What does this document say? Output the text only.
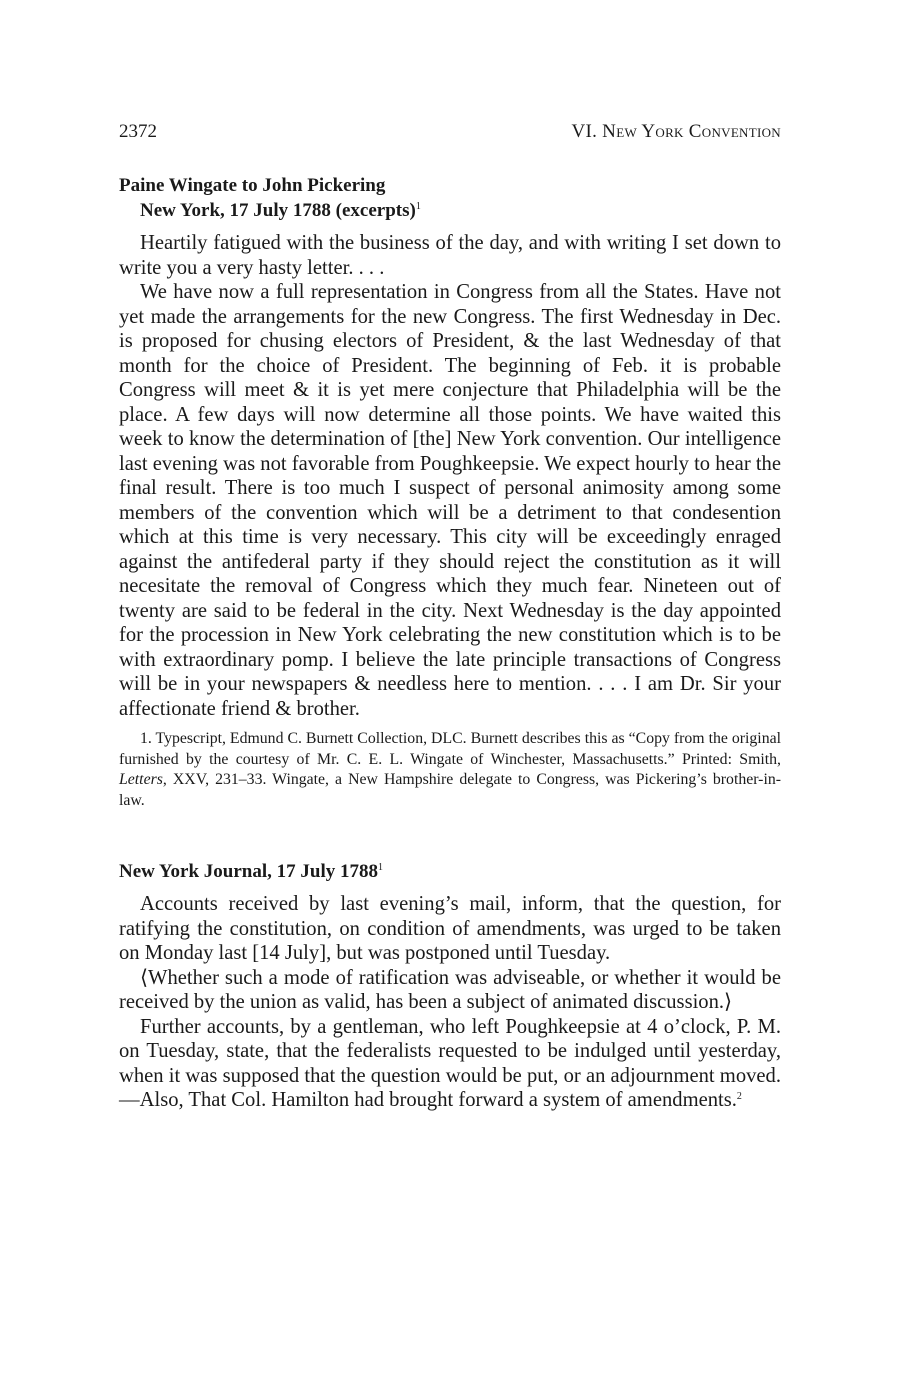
2372	VI. New York Convention
Paine Wingate to John Pickering
New York, 17 July 1788 (excerpts)$^1$

Heartily fatigued with the business of the day, and with writing I set down to write you a very hasty letter. . . .

We have now a full representation in Congress from all the States. Have not yet made the arrangements for the new Congress. The first Wednesday in Dec. is proposed for chusing electors of President, & the last Wednesday of that month for the choice of President. The beginning of Feb. it is probable Congress will meet & it is yet mere conjecture that Philadelphia will be the place. A few days will now determine all those points. We have waited this week to know the determination of [the] New York convention. Our intelligence last evening was not favorable from Poughkeepsie. We expect hourly to hear the final result. There is too much I suspect of personal animosity among some members of the convention which will be a detriment to that condesention which at this time is very necessary. This city will be exceedingly enraged against the antifederal party if they should reject the constitution as it will necesitate the removal of Congress which they much fear. Nineteen out of twenty are said to be federal in the city. Next Wednesday is the day appointed for the procession in New York celebrating the new constitution which is to be with extraordinary pomp. I believe the late principle transactions of Congress will be in your newspapers & needless here to mention. . . . I am Dr. Sir your affectionate friend & brother.

1. Typescript, Edmund C. Burnett Collection, DLC. Burnett describes this as “Copy from the original furnished by the courtesy of Mr. C. E. L. Wingate of Winchester, Massachusetts.” Printed: Smith, Letters, XXV, 231–33. Wingate, a New Hampshire delegate to Congress, was Pickering’s brother-in-law.
New York Journal, 17 July 1788$^1$

Accounts received by last evening’s mail, inform, that the question, for ratifying the constitution, on condition of amendments, was urged to be taken on Monday last [14 July], but was postponed until Tuesday.

⟨Whether such a mode of ratification was adviseable, or whether it would be received by the union as valid, has been a subject of animated discussion.⟩

Further accounts, by a gentleman, who left Poughkeepsie at 4 o’clock, P. M. on Tuesday, state, that the federalists requested to be indulged until yesterday, when it was supposed that the question would be put, or an adjournment moved.—Also, That Col. Hamilton had brought forward a system of amendments.$^2$
